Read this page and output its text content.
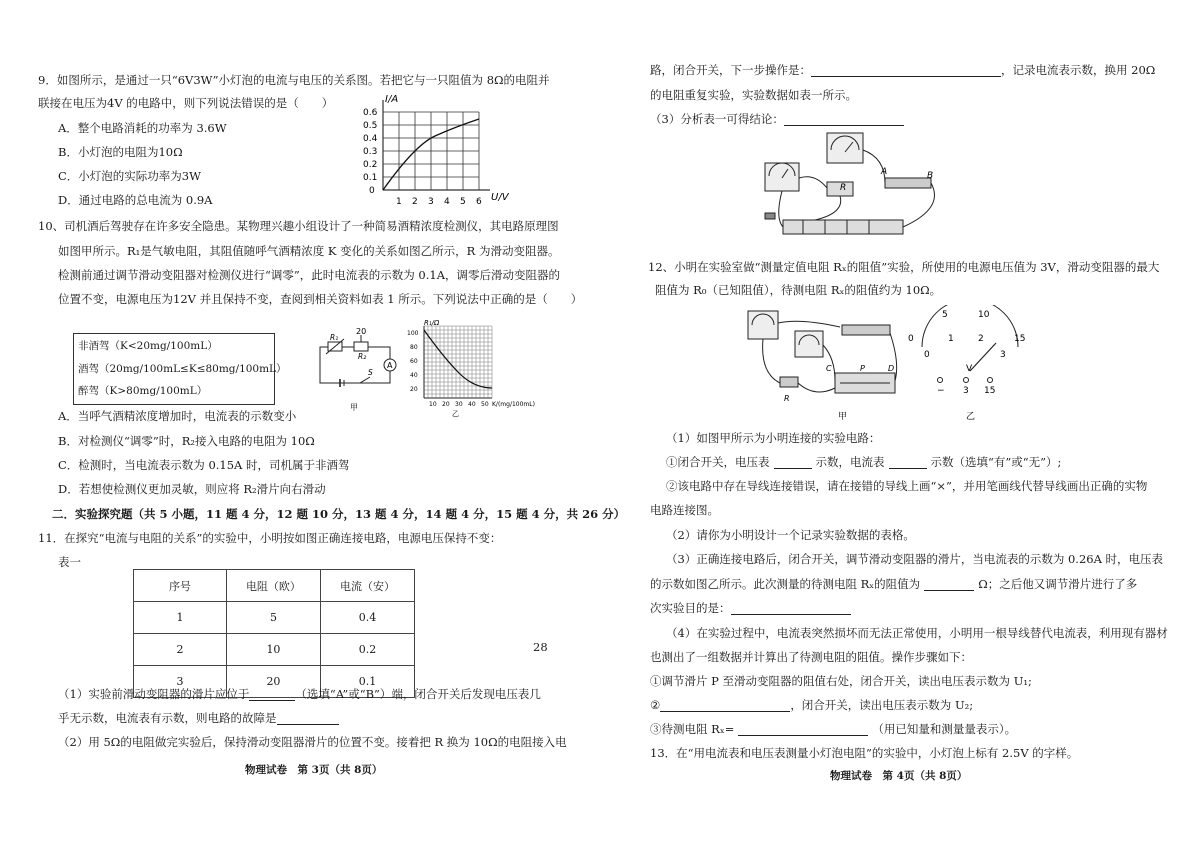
9．如图所示，是通过一只“6V3W”小灯泡的电流与电压的关系图。若把它与一只阻值为 8Ω的电阻并
联接在电压为4V 的电路中，则下列说法错误的是（　　）
A．整个电路消耗的功率为 3.6W
B．小灯泡的电阻为10Ω
C．小灯泡的实际功率为3W
D．通过电路的总电流为 0.9A
I/A
U/V
0.6
0.5
0.4
0.3
0.2
0.1
0
1 2 3 4 5 6
10、司机酒后驾驶存在许多安全隐患。某物理兴趣小组设计了一种简易酒精浓度检测仪，其电路原理图
如图甲所示。R₁是气敏电阻，其阻值随呼气酒精浓度 K 变化的关系如图乙所示，R 为滑动变阻器。
检测前通过调节滑动变阻器对检测仪进行“调零”，此时电流表的示数为 0.1A，调零后滑动变阻器的
位置不变，电源电压为12V 并且保持不变，查阅到相关资料如表 1 所示。下列说法中正确的是（　　）
非酒驾（K<20mg/100mL）
酒驾（20mg/100mL≤K≤80mg/100mL）
醉驾（K>80mg/100mL）
20
R₁
R₂
A
S
甲
R₁/Ω
100
80
60
40
20
10 20 30 40 50 K/(mg/100mL)
乙
A．当呼气酒精浓度增加时，电流表的示数变小
B．对检测仪“调零”时，R₂接入电路的电阻为 10Ω
C．检测时，当电流表示数为 0.15A 时，司机属于非酒驾
D．若想使检测仪更加灵敏，则应将 R₂滑片向右滑动
二．实验探究题（共 5 小题，11 题 4 分，12 题 10 分，13 题 4 分，14 题 4 分，15 题 4 分，共 26 分）
11．在探究“电流与电阻的关系”的实验中，小明按如图正确连接电路，电源电压保持不变：
表一
序号	电阻（欧）	电流（安）
1	5	0.4
2	10	0.2
3	20	0.1
28
（1）实验前滑动变阻器的滑片应位于	（选填“A”或“B”）端，闭合开关后发现电压表几
乎无示数，电流表有示数，则电路的故障是
（2）用 5Ω的电阻做完实验后，保持滑动变阻器滑片的位置不变。接着把 R 换为 10Ω的电阻接入电
物理试卷　第 3页（共 8页）
路，闭合开关，下一步操作是：	，记录电流表示数，换用 20Ω
的电阻重复实验，实验数据如表一所示。
（3）分析表一可得结论：
R
A	B
12、小明在实验室做“测量定值电阻 Rₓ的阻值”实验，所使用的电源电压值为 3V，滑动变阻器的最大
阻值为 R₀（已知阻值），待测电阻 Rₓ的阻值约为 10Ω。
C	P	D
R
甲
0
5	10
15
0
1	2
3
V
− 3 15
乙
（1）如图甲所示为小明连接的实验电路：
①闭合开关，电压表	示数，电流表	示数（选填“有”或“无”）;
②该电路中存在导线连接错误，请在接错的导线上画“×”，并用笔画线代替导线画出正确的实物
电路连接图。
（2）请你为小明设计一个记录实验数据的表格。
（3）正确连接电路后，闭合开关，调节滑动变阻器的滑片，当电流表的示数为 0.26A 时，电压表
的示数如图乙所示。此次测量的待测电阻 Rₓ的阻值为	Ω；之后他又调节滑片进行了多
次实验目的是：
（4）在实验过程中，电流表突然损坏而无法正常使用，小明用一根导线替代电流表，利用现有器材
也测出了一组数据并计算出了待测电阻的阻值。操作步骤如下：
①调节滑片 P 至滑动变阻器的阻值右处，闭合开关，读出电压表示数为 U₁;
②	，闭合开关，读出电压表示数为 U₂;
③待测电阻 Rₓ=	（用已知量和测量量表示）。
13．在“用电流表和电压表测量小灯泡电阻”的实验中，小灯泡上标有 2.5V 的字样。
物理试卷　第 4页（共 8页）
